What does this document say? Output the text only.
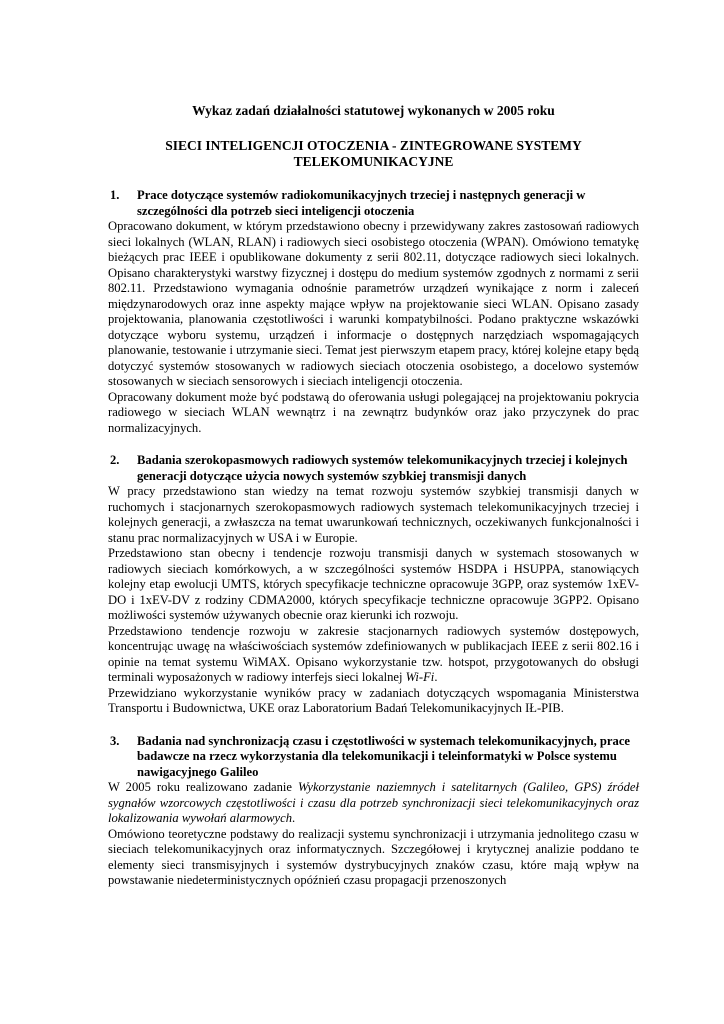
Wykaz zadań działalności statutowej wykonanych w 2005 roku
SIECI INTELIGENCJI OTOCZENIA - ZINTEGROWANE SYSTEMY TELEKOMUNIKACYJNE
1.	Prace dotyczące systemów radiokomunikacyjnych trzeciej i następnych generacji w szczególności dla potrzeb sieci inteligencji otoczenia

Opracowano dokument, w którym przedstawiono obecny i przewidywany zakres zastosowań radiowych sieci lokalnych (WLAN, RLAN) i radiowych sieci osobistego otoczenia (WPAN). Omówiono tematykę bieżących prac IEEE i opublikowane dokumenty z serii 802.11, dotyczące radiowych sieci lokalnych. Opisano charakterystyki warstwy fizycznej i dostępu do medium systemów zgodnych z normami z serii 802.11. Przedstawiono wymagania odnośnie parametrów urządzeń wynikające z norm i zaleceń międzynarodowych oraz inne aspekty mające wpływ na projektowanie sieci WLAN. Opisano zasady projektowania, planowania częstotliwości i warunki kompatybilności. Podano praktyczne wskazówki dotyczące wyboru systemu, urządzeń i informacje o dostępnych narzędziach wspomagających planowanie, testowanie i utrzymanie sieci. Temat jest pierwszym etapem pracy, której kolejne etapy będą dotyczyć systemów stosowanych w radiowych sieciach otoczenia osobistego, a docelowo systemów stosowanych w sieciach sensorowych i sieciach inteligencji otoczenia.

Opracowany dokument może być podstawą do oferowania usługi polegającej na projektowaniu pokrycia radiowego w sieciach WLAN wewnątrz i na zewnątrz budynków oraz jako przyczynek do prac normalizacyjnych.

2.	Badania szerokopasmowych radiowych systemów telekomunikacyjnych trzeciej i kolejnych generacji dotyczące użycia nowych systemów szybkiej transmisji danych

W pracy przedstawiono stan wiedzy na temat rozwoju systemów szybkiej transmisji danych w ruchomych i stacjonarnych szerokopasmowych radiowych systemach telekomunikacyjnych trzeciej i kolejnych generacji, a zwłaszcza na temat uwarunkowań technicznych, oczekiwanych funkcjonalności i stanu prac normalizacyjnych w USA i w Europie.

Przedstawiono stan obecny i tendencje rozwoju transmisji danych w systemach stosowanych w radiowych sieciach komórkowych, a w szczególności systemów HSDPA i HSUPPA, stanowiących kolejny etap ewolucji UMTS, których specyfikacje techniczne opracowuje 3GPP, oraz systemów 1xEV-DO i 1xEV-DV z rodziny CDMA2000, których specyfikacje techniczne opracowuje 3GPP2. Opisano możliwości systemów używanych obecnie oraz kierunki ich rozwoju.

Przedstawiono tendencje rozwoju w zakresie stacjonarnych radiowych systemów dostępowych, koncentrując uwagę na właściwościach systemów zdefiniowanych w publikacjach IEEE z serii 802.16 i opinie na temat systemu WiMAX. Opisano wykorzystanie tzw. hotspot, przygotowanych do obsługi terminali wyposażonych w radiowy interfejs sieci lokalnej Wi-Fi.

Przewidziano wykorzystanie wyników pracy w zadaniach dotyczących wspomagania Ministerstwa Transportu i Budownictwa, UKE oraz Laboratorium Badań Telekomunikacyjnych IŁ-PIB.

3.	Badania nad synchronizacją czasu i częstotliwości w systemach telekomunikacyjnych, prace badawcze na rzecz wykorzystania dla telekomunikacji i teleinformatyki w Polsce systemu nawigacyjnego Galileo

W 2005 roku realizowano zadanie Wykorzystanie naziemnych i satelitarnych (Galileo, GPS) źródeł sygnałów wzorcowych częstotliwości i czasu dla potrzeb synchronizacji sieci telekomunikacyjnych oraz lokalizowania wywołań alarmowych.

Omówiono teoretyczne podstawy do realizacji systemu synchronizacji i utrzymania jednolitego czasu w sieciach telekomunikacyjnych oraz informatycznych. Szczegółowej i krytycznej analizie poddano te elementy sieci transmisyjnych i systemów dystrybucyjnych znaków czasu, które mają wpływ na powstawanie niedeterministycznych opóźnień czasu propagacji przenoszonych
